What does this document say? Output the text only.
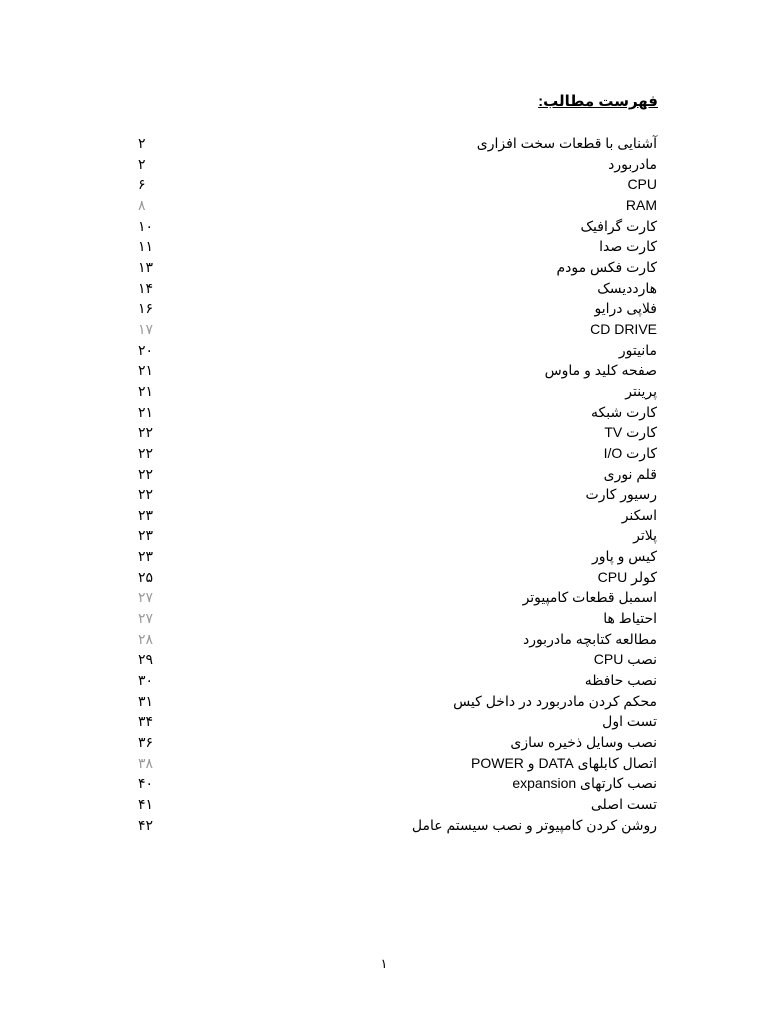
فهرست مطالب:
آشنایی با قطعات سخت افزاری
۲
مادربورد
۲
CPU
۶
RAM
۸
کارت گرافیک
۱۰
کارت صدا
۱۱
کارت فکس مودم
۱۳
هارددیسک
۱۴
فلاپی درایو
۱۶
CD DRIVE
۱۷
مانیتور
۲۰
صفحه کلید و ماوس
۲۱
پرینتر
۲۱
کارت شبکه
۲۱
کارت TV
۲۲
کارت I/O
۲۲
قلم نوری
۲۲
رسیور کارت
۲۲
اسکنر
۲۳
پلاتر
۲۳
کیس و پاور
۲۳
کولر CPU
۲۵
اسمبل قطعات کامپیوتر
۲۷
احتیاط ها
۲۷
مطالعه کتابچه مادربورد
۲۸
نصب CPU
۲۹
نصب حافظه
۳۰
محکم کردن مادربورد در داخل کیس
۳۱
تست اول
۳۴
نصب وسایل ذخیره سازی
۳۶
اتصال کابلهای DATA و POWER
۳۸
نصب کارتهای expansion
۴۰
تست اصلی
۴۱
روشن کردن کامپیوتر و نصب سیستم عامل
۴۲
۱
